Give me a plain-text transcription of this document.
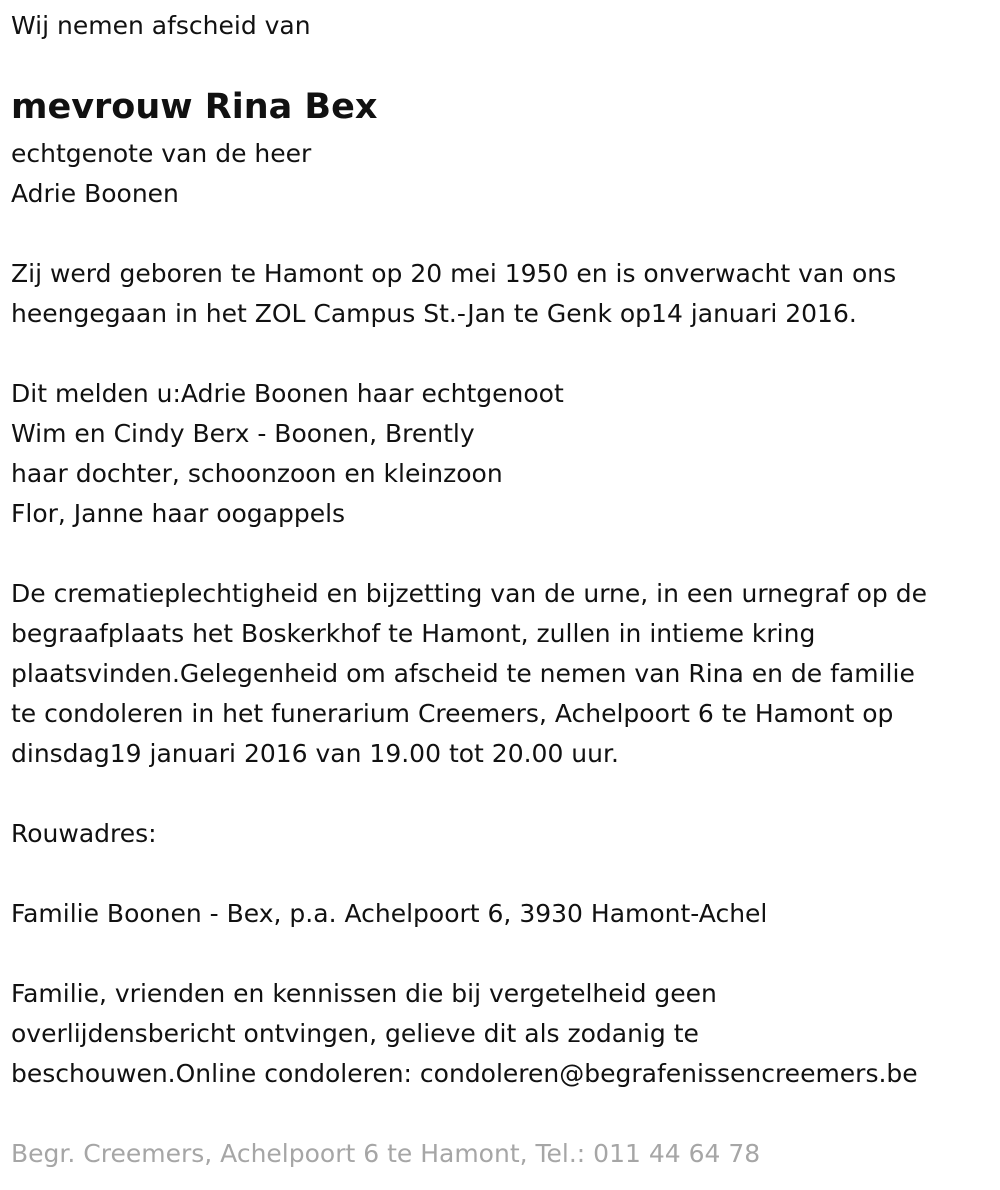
Wij nemen afscheid van

mevrouw Rina Bex

echtgenote van de heer

Adrie Boonen

Zij werd geboren te Hamont op 20 mei 1950 en is onverwacht van ons

heengegaan in het ZOL Campus St.-Jan te Genk op14 januari 2016.

Dit melden u:Adrie Boonen haar echtgenoot

Wim en Cindy Berx - Boonen, Brently

haar dochter, schoonzoon en kleinzoon

Flor, Janne haar oogappels

De crematieplechtigheid en bijzetting van de urne, in een urnegraf op de

begraafplaats het Boskerkhof te Hamont, zullen in intieme kring

plaatsvinden.Gelegenheid om afscheid te nemen van Rina en de familie

te condoleren in het funerarium Creemers, Achelpoort 6 te Hamont op

dinsdag19 januari 2016 van 19.00 tot 20.00 uur.

Rouwadres:

Familie Boonen - Bex, p.a. Achelpoort 6, 3930 Hamont-Achel

Familie, vrienden en kennissen die bij vergetelheid geen

overlijdensbericht ontvingen, gelieve dit als zodanig te

beschouwen.Online condoleren: condoleren@begrafenissencreemers.be

Begr. Creemers, Achelpoort 6 te Hamont, Tel.: 011 44 64 78
